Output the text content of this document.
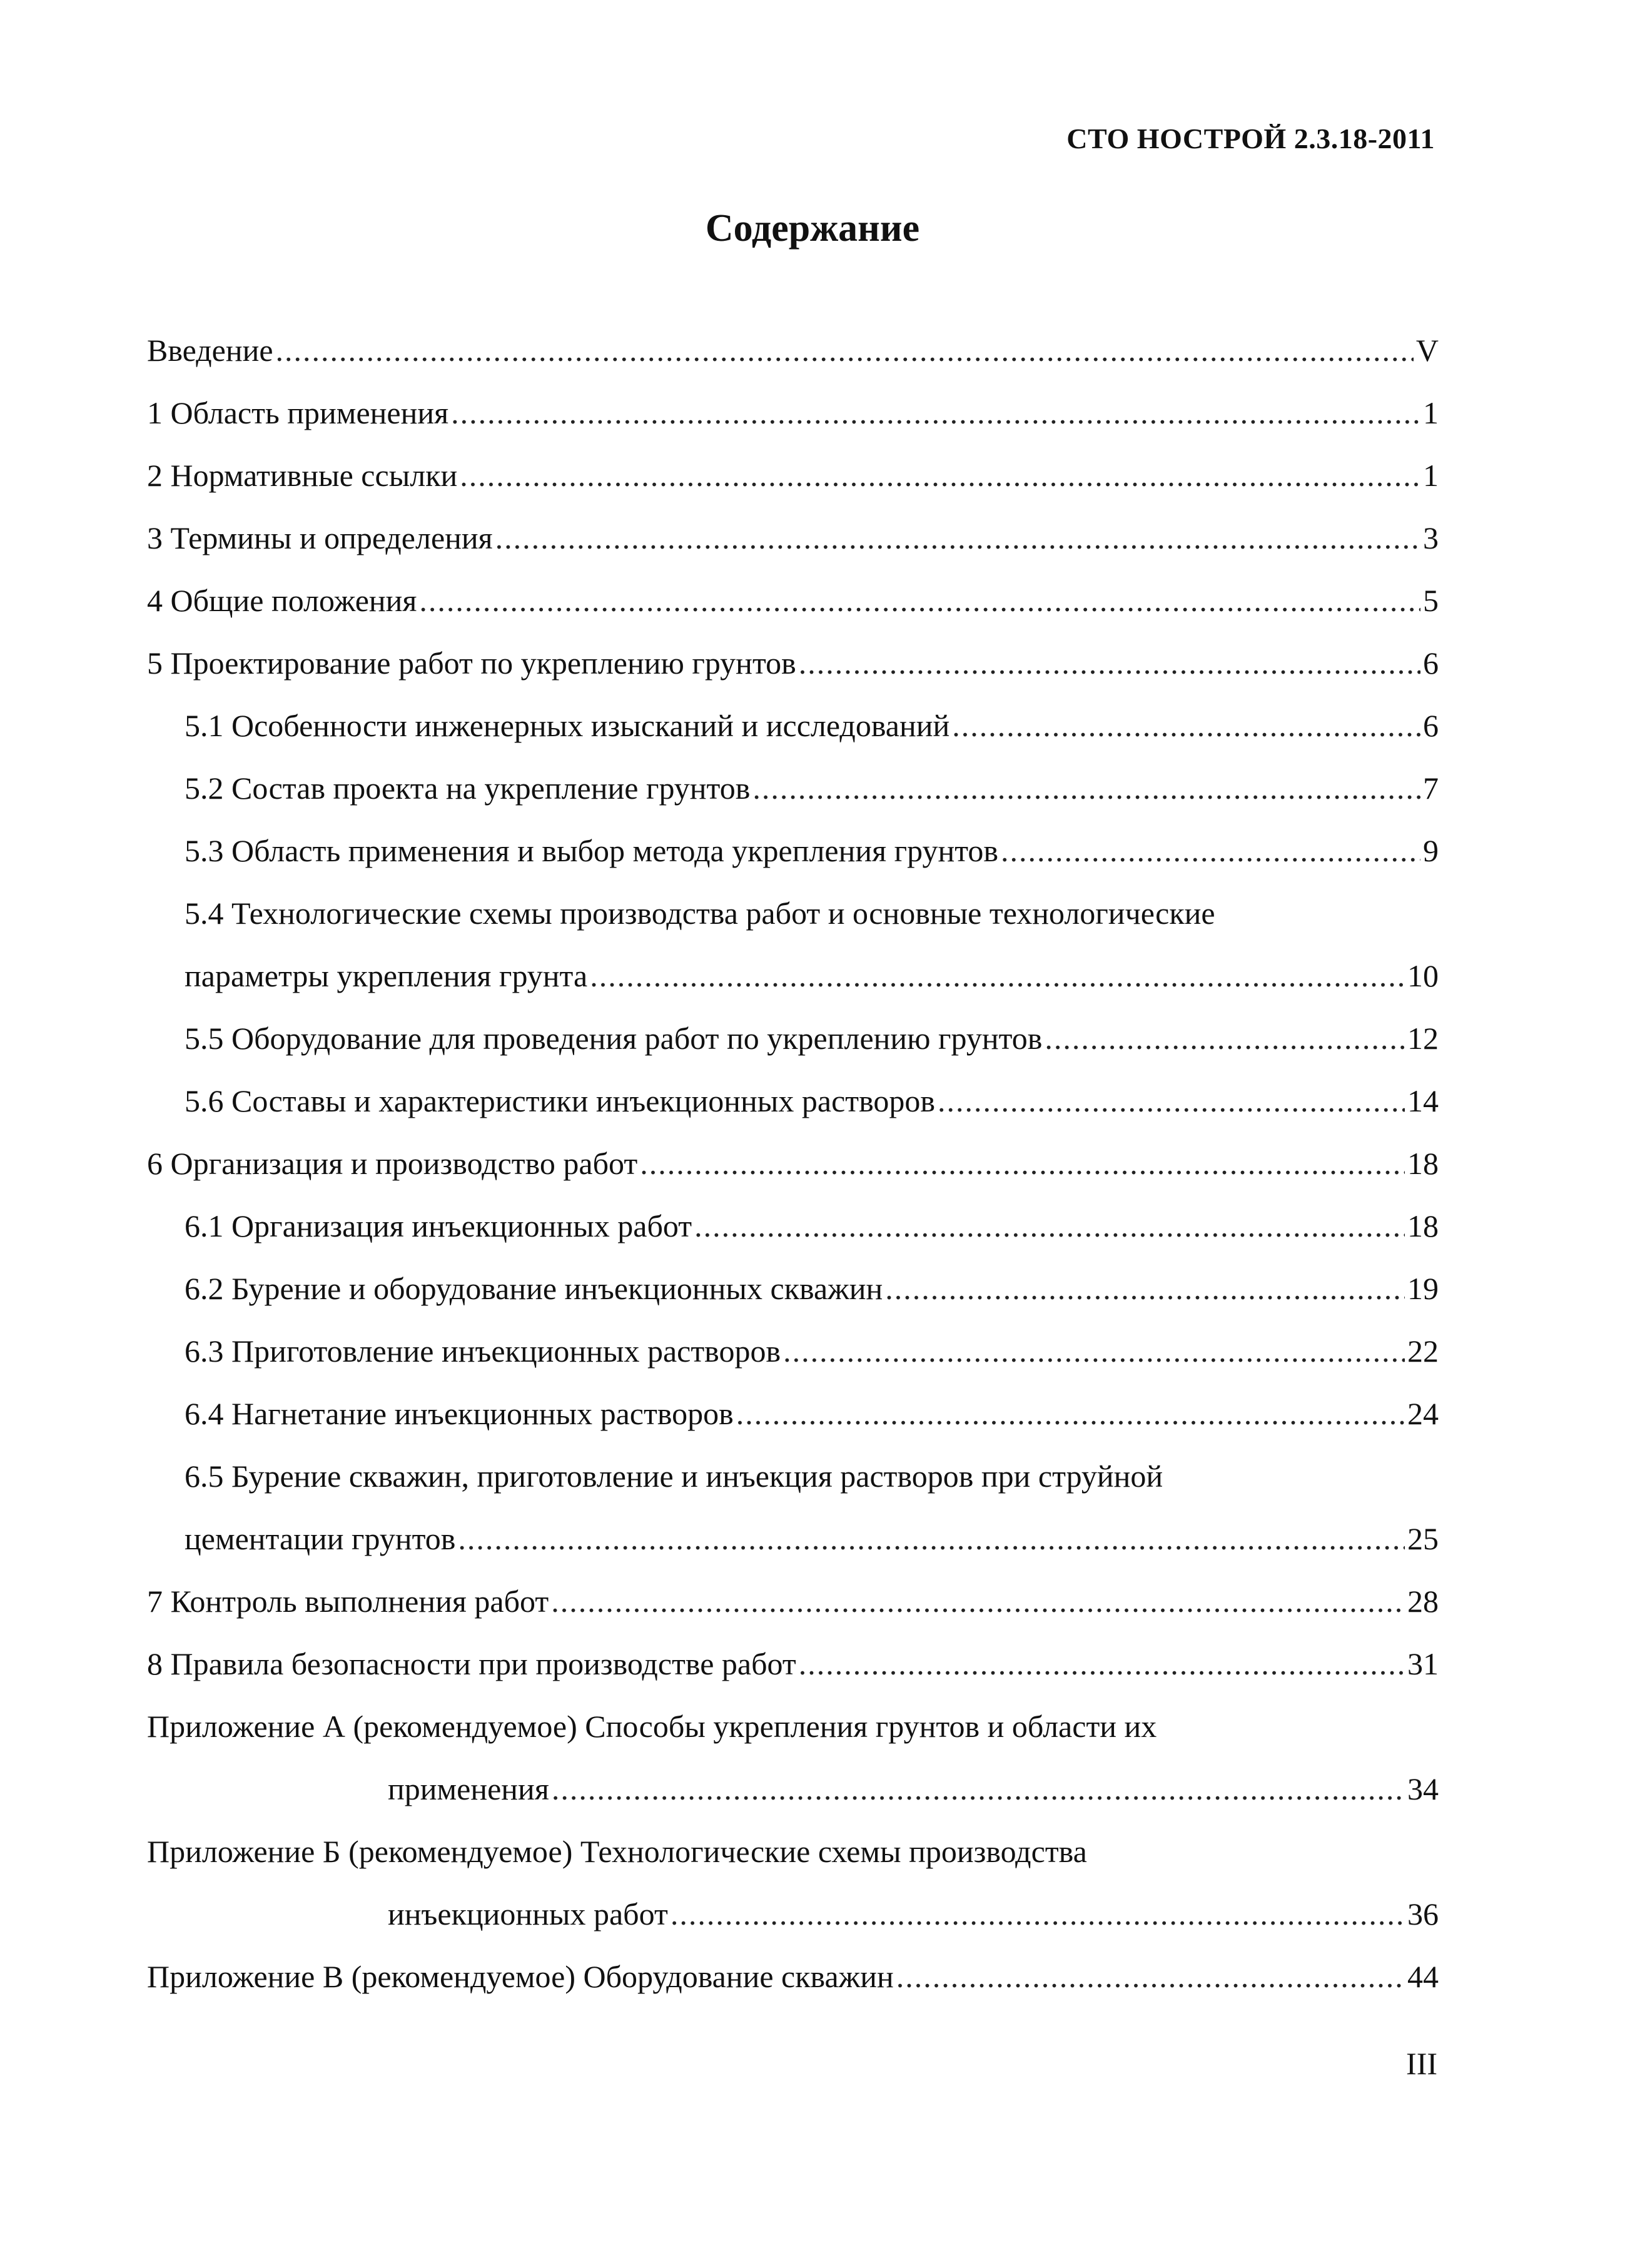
СТО НОСТРОЙ 2.3.18-2011
Содержание
Введение .....	V
1 Область применения .....	1
2 Нормативные ссылки .....	1
3 Термины и определения .....	3
4 Общие положения .....	5
5 Проектирование работ по укреплению грунтов .....	6
5.1 Особенности инженерных изысканий и исследований .....	6
5.2 Состав проекта на укрепление грунтов .....	7
5.3 Область применения и выбор метода укрепления грунтов .....	9
5.4 Технологические схемы производства работ и основные технологические
параметры укрепления грунта .....	10
5.5 Оборудование для проведения работ по укреплению грунтов .....	12
5.6 Составы и характеристики инъекционных растворов .....	14
6 Организация и производство работ .....	18
6.1 Организация инъекционных работ .....	18
6.2 Бурение и оборудование инъекционных скважин .....	19
6.3 Приготовление инъекционных растворов .....	22
6.4 Нагнетание инъекционных растворов .....	24
6.5 Бурение скважин, приготовление и инъекция растворов при струйной
цементации грунтов .....	25
7 Контроль выполнения работ .....	28
8 Правила безопасности при производстве работ .....	31
Приложение А (рекомендуемое) Способы укрепления грунтов и области их
применения .....	34
Приложение Б (рекомендуемое) Технологические схемы производства
инъекционных работ .....	36
Приложение В (рекомендуемое) Оборудование скважин .....	44
III
